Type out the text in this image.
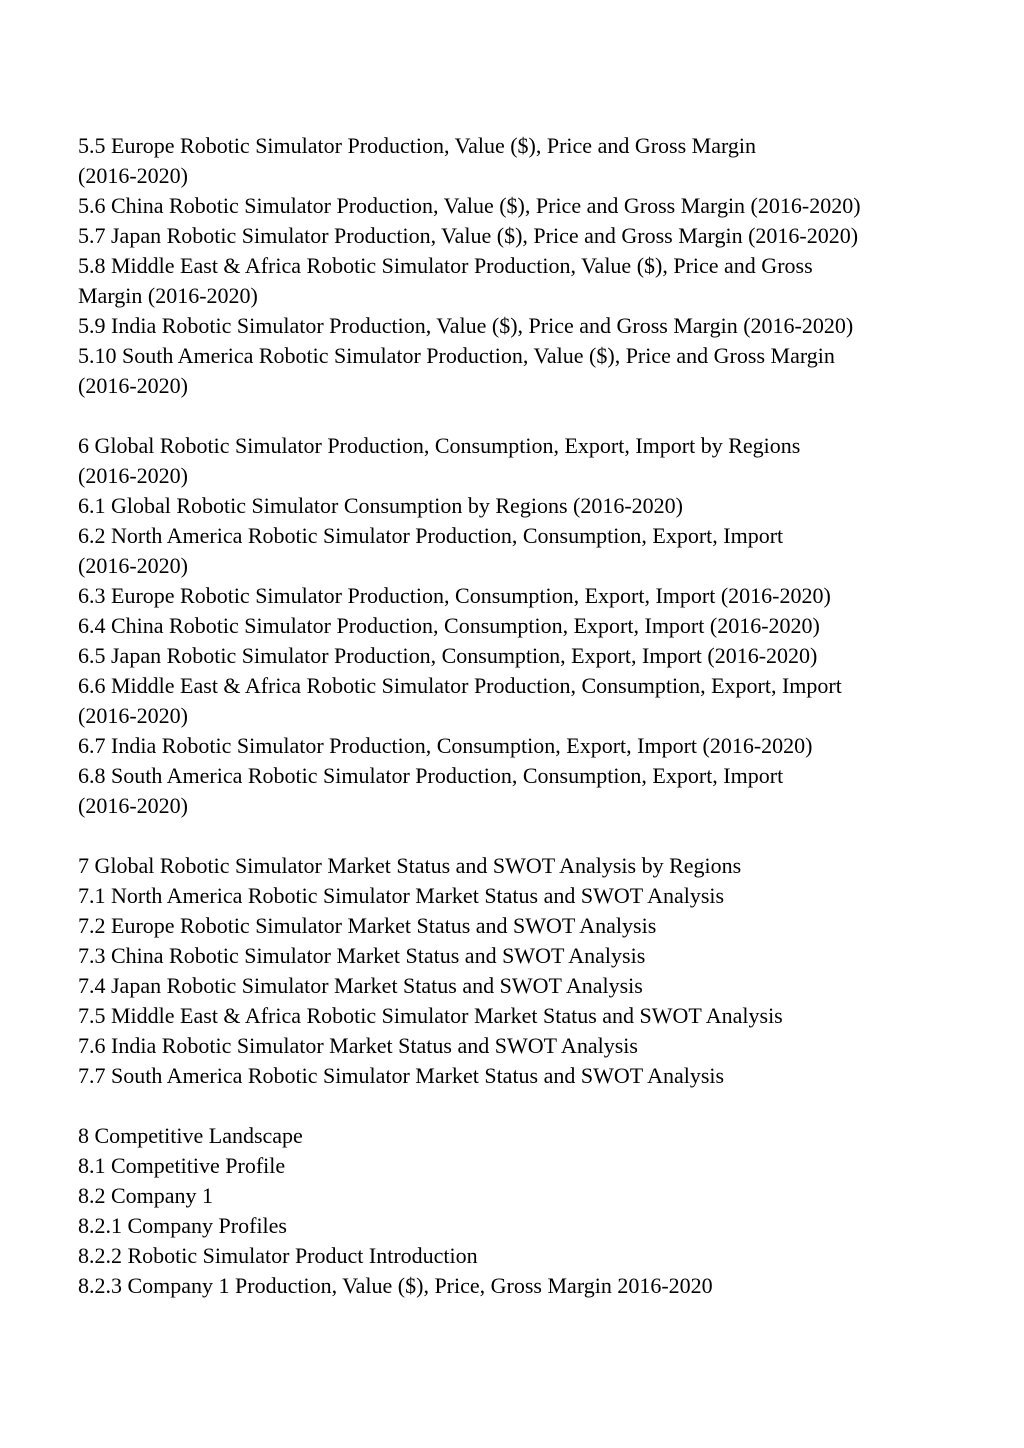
5.5 Europe Robotic Simulator Production, Value ($), Price and Gross Margin
(2016-2020)
5.6 China Robotic Simulator Production, Value ($), Price and Gross Margin (2016-2020)
5.7 Japan Robotic Simulator Production, Value ($), Price and Gross Margin (2016-2020)
5.8 Middle East & Africa Robotic Simulator Production, Value ($), Price and Gross
Margin (2016-2020)
5.9 India Robotic Simulator Production, Value ($), Price and Gross Margin (2016-2020)
5.10 South America Robotic Simulator Production, Value ($), Price and Gross Margin
(2016-2020)
6 Global Robotic Simulator Production, Consumption, Export, Import by Regions
(2016-2020)
6.1 Global Robotic Simulator Consumption by Regions (2016-2020)
6.2 North America Robotic Simulator Production, Consumption, Export, Import
(2016-2020)
6.3 Europe Robotic Simulator Production, Consumption, Export, Import (2016-2020)
6.4 China Robotic Simulator Production, Consumption, Export, Import (2016-2020)
6.5 Japan Robotic Simulator Production, Consumption, Export, Import (2016-2020)
6.6 Middle East & Africa Robotic Simulator Production, Consumption, Export, Import
(2016-2020)
6.7 India Robotic Simulator Production, Consumption, Export, Import (2016-2020)
6.8 South America Robotic Simulator Production, Consumption, Export, Import
(2016-2020)
7 Global Robotic Simulator Market Status and SWOT Analysis by Regions
7.1 North America Robotic Simulator Market Status and SWOT Analysis
7.2 Europe Robotic Simulator Market Status and SWOT Analysis
7.3 China Robotic Simulator Market Status and SWOT Analysis
7.4 Japan Robotic Simulator Market Status and SWOT Analysis
7.5 Middle East & Africa Robotic Simulator Market Status and SWOT Analysis
7.6 India Robotic Simulator Market Status and SWOT Analysis
7.7 South America Robotic Simulator Market Status and SWOT Analysis
8 Competitive Landscape
8.1 Competitive Profile
8.2 Company 1
8.2.1 Company Profiles
8.2.2 Robotic Simulator Product Introduction
8.2.3 Company 1 Production, Value ($), Price, Gross Margin 2016-2020
